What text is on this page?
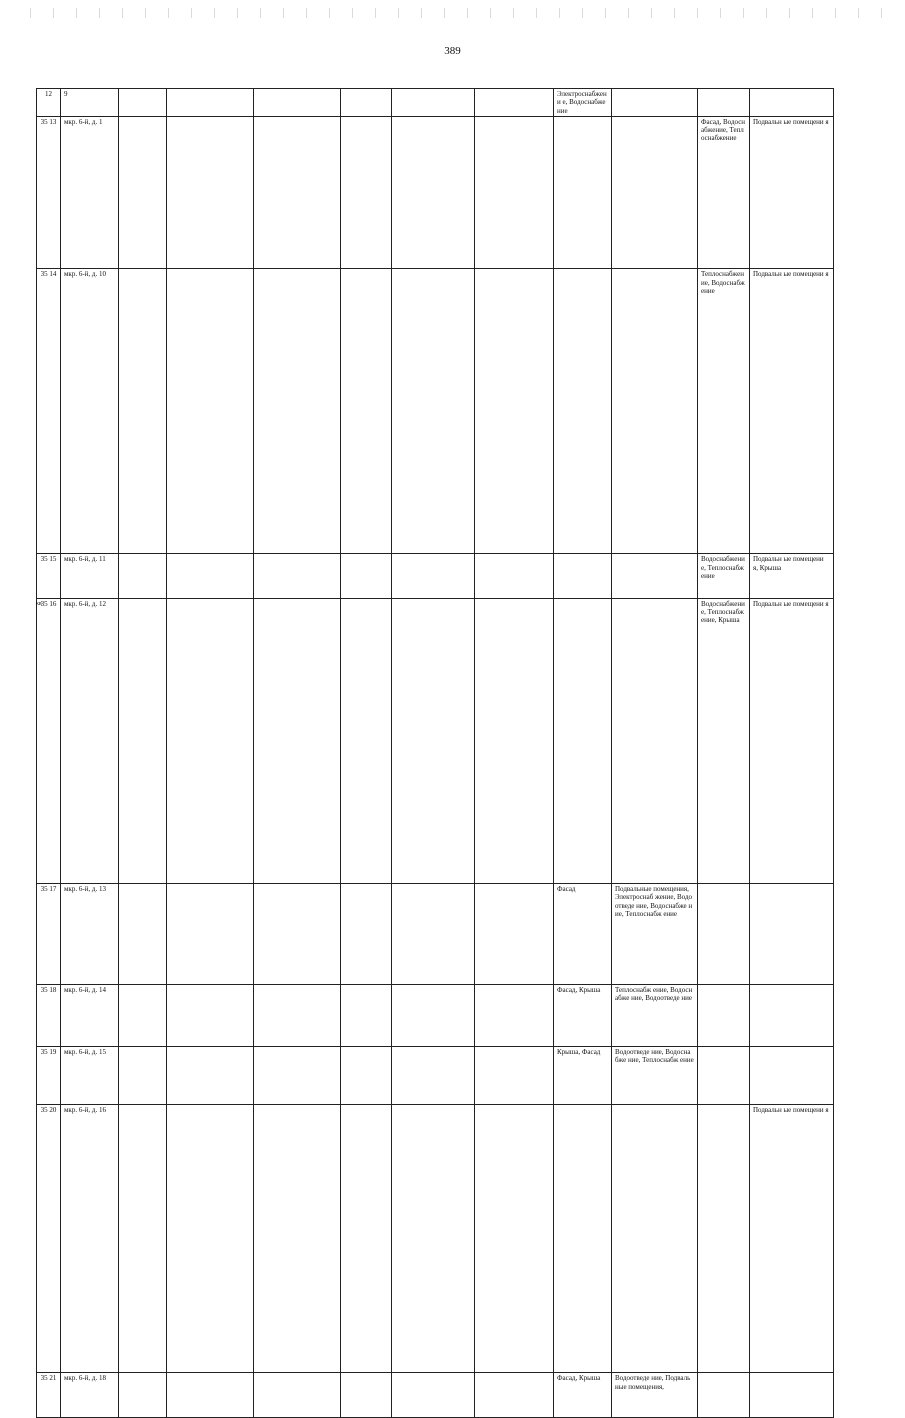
389
12	9							Электроснабжени е, Водоснабжение				
35 13	мкр. 6-й, д. 1									Фасад, Водоснабжение, Теплоснабжение	Подвальн ые помещени я	
35 14	мкр. 6-й, д. 10									Теплоснабжение, Водоснабжение	Подвальн ые помещени я	
35 15	мкр. 6-й, д. 11									Водоснабжение, Теплоснабжение	Подвальн ые помещени я, Крыша	
35 16	мкр. 6-й, д. 12									Водоснабжение, Теплоснабжение, Крыша	Подвальн ые помещени я	
35 17	мкр. 6-й, д. 13							Фасад	Подвальные помещения, Электроснаб жение, Водоотведе ние, Водоснабже ние, Теплоснабж ение			
35 18	мкр. 6-й, д. 14							Фасад, Крыша	Теплоснабж ение, Водоснабже ние, Водоотведе ние			
35 19	мкр. 6-й, д. 15							Крыша, Фасад	Водоотведе ние, Водоснабже ние, Теплоснабж ение			
35 20	мкр. 6-й, д. 16										Подвальн ые помещени я	
35 21	мкр. 6-й, д. 18							Фасад, Крыша	Водоотведе ние, Подвальные помещения,			
кв
